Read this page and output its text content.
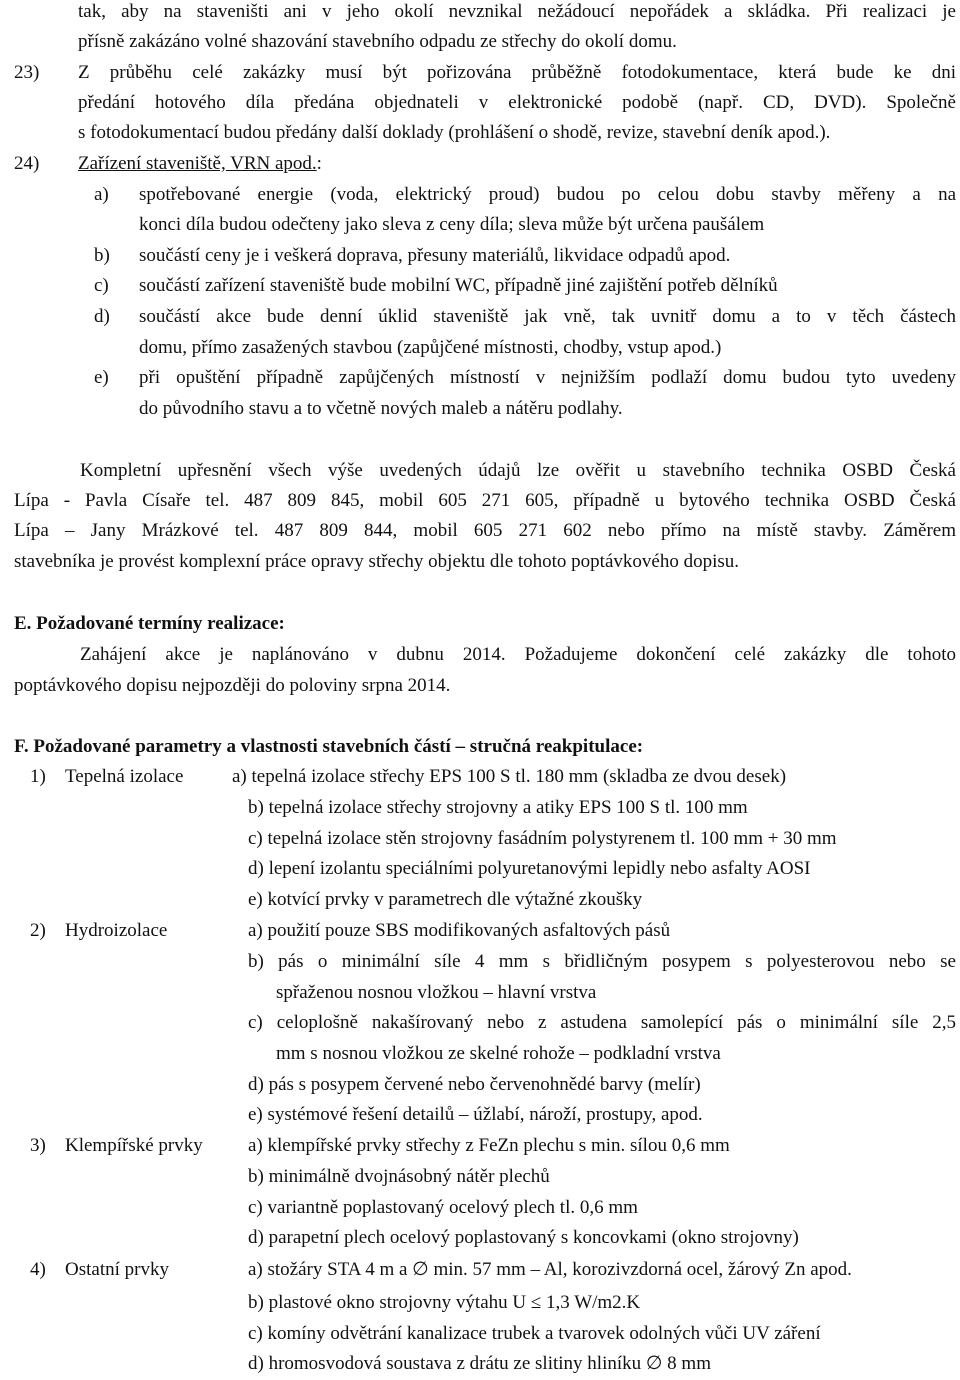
tak, aby na staveništi ani v jeho okolí nevznikal nežádoucí nepořádek a skládka. Při realizaci je
přísně zakázáno volné shazování stavebního odpadu ze střechy do okolí domu.
23) Z průběhu celé zakázky musí být pořizována průběžně fotodokumentace, která bude ke dni
předání hotového díla předána objednateli v elektronické podobě (např. CD, DVD). Společně
s fotodokumentací budou předány další doklady (prohlášení o shodě, revize, stavební deník apod.).
24) Zařízení staveniště, VRN apod.:
a) spotřebované energie (voda, elektrický proud) budou po celou dobu stavby měřeny a na
konci díla budou odečteny jako sleva z ceny díla; sleva může být určena paušálem
b) součástí ceny je i veškerá doprava, přesuny materiálů, likvidace odpadů apod.
c) součástí zařízení staveniště bude mobilní WC, případně jiné zajištění potřeb dělníků
d) součástí akce bude denní úklid staveniště jak vně, tak uvnitř domu a to v těch částech
domu, přímo zasažených stavbou (zapůjčené místnosti, chodby, vstup apod.)
e) při opuštění případně zapůjčených místností v nejnižším podlaží domu budou tyto uvedeny
do původního stavu a to včetně nových maleb a nátěru podlahy.
Kompletní upřesnění všech výše uvedených údajů lze ověřit u stavebního technika OSBD Česká
Lípa - Pavla Císaře tel. 487 809 845, mobil 605 271 605, případně u bytového technika OSBD Česká
Lípa – Jany Mrázkové tel. 487 809 844, mobil 605 271 602 nebo přímo na místě stavby. Záměrem
stavebníka je provést komplexní práce opravy střechy objektu dle tohoto poptávkového dopisu.
E. Požadované termíny realizace:
Zahájení akce je naplánováno v dubnu 2014. Požadujeme dokončení celé zakázky dle tohoto
poptávkového dopisu nejpozději do poloviny srpna 2014.
F. Požadované parametry a vlastnosti stavebních částí – stručná reakpitulace:
1) Tepelná izolace	a) tepelná izolace střechy EPS 100 S tl. 180 mm (skladba ze dvou desek)
b) tepelná izolace střechy strojovny a atiky EPS 100 S tl. 100 mm
c) tepelná izolace stěn strojovny fasádním polystyrenem tl. 100 mm + 30 mm
d) lepení izolantu speciálními polyuretanovými lepidly nebo asfalty AOSI
e) kotvící prvky v parametrech dle výtažné zkoušky
2) Hydroizolace	a) použití pouze SBS modifikovaných asfaltových pásů
b) pás o minimální síle 4 mm s břidličným posypem s polyesterovou nebo se
spřaženou nosnou vložkou – hlavní vrstva
c) celoplošně nakašírovaný nebo z astudena samolepící pás o minimální síle 2,5
mm s nosnou vložkou ze skelné rohože – podkladní vrstva
d) pás s posypem červené nebo červenohnědé barvy (melír)
e) systémové řešení detailů – úžlabí, nároží, prostupy, apod.
3) Klempířské prvky a) klempířské prvky střechy z FeZn plechu s min. sílou 0,6 mm
b) minimálně dvojnásobný nátěr plechů
c) variantně poplastovaný ocelový plech tl. 0,6 mm
d) parapetní plech ocelový poplastovaný s koncovkami (okno strojovny)
4) Ostatní prvky	a) stožáry STA 4 m a ∅ min. 57 mm – Al, korozivzdorná ocel, žárový Zn apod.
b) plastové okno strojovny výtahu U ≤ 1,3 W/m2.K
c) komíny odvětrání kanalizace trubek a tvarovek odolných vůči UV záření
d) hromosvodová soustava z drátu ze slitiny hliníku ∅ 8 mm
